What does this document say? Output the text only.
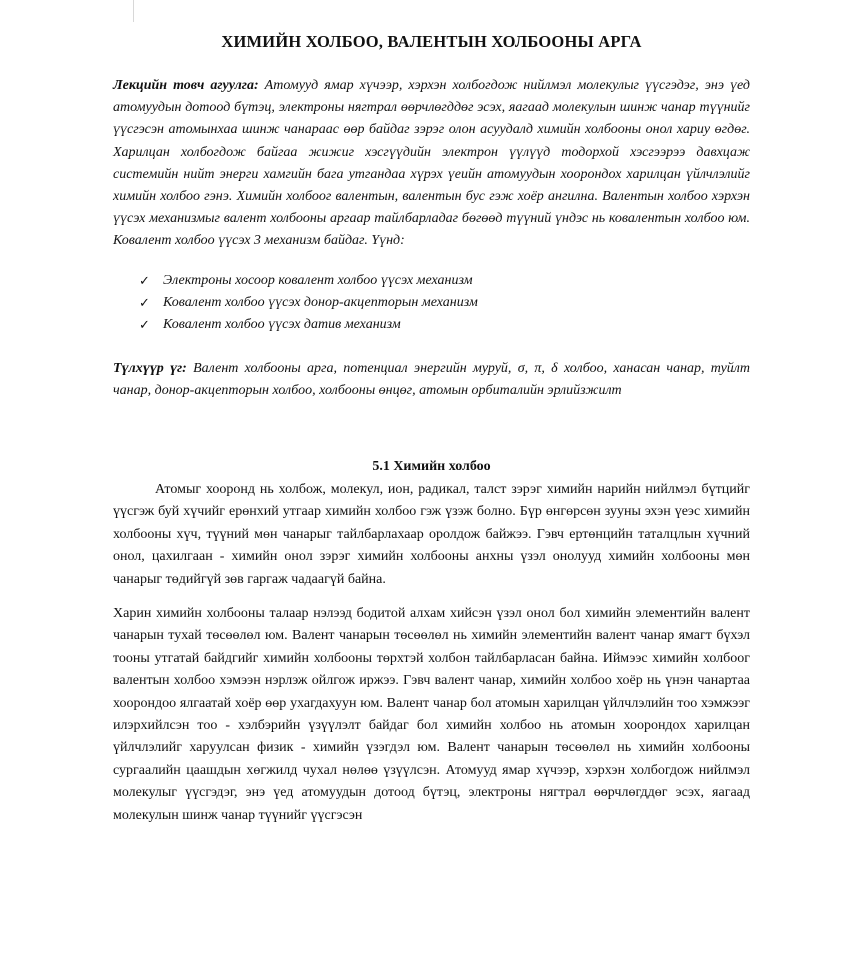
ХИМИЙН ХОЛБОО, ВАЛЕНТЫН ХОЛБООНЫ АРГА

Лекцийн товч агуулга: Атомууд ямар хүчээр, хэрхэн холбогдож нийлмэл молекулыг үүсгэдэг, энэ үед атомуудын дотоод бүтэц, электроны нягтрал өөрчлөгддөг эсэх, яагаад молекулын шинж чанар түүнийг үүсгэсэн атомынхаа шинж чанараас өөр байдаг зэрэг олон асуудалд химийн холбооны онол хариу өгдөг. Харилцан холбогдож байгаа жижиг хэсгүүдийн электрон үүлүүд тодорхой хэсгээрээ давхцаж системийн нийт энерги хамгийн бага утгандаа хүрэх үеийн атомуудын хоорондох харилцан үйлчлэлийг химийн холбоо гэнэ. Химийн холбоог валентын, валентын бус гэж хоёр ангилна. Валентын холбоо хэрхэн үүсэх механизмыг валент холбооны аргаар тайлбарладаг бөгөөд түүний үндэс нь ковалентын холбоо юм. Ковалент холбоо үүсэх 3 механизм байдаг. Үүнд:

✓ Электроны хосоор ковалент холбоо үүсэх механизм
✓ Ковалент холбоо үүсэх донор-акцепторын механизм
✓ Ковалент холбоо үүсэх датив механизм

Түлхүүр үг: Валент холбооны арга, потенциал энергийн муруй, σ, π, δ холбоо, ханасан чанар, туйлт чанар, донор-акцепторын холбоо, холбооны өнцөг, атомын орбиталийн эрлийзжилт

5.1 Химийн холбоо

Атомыг хооронд нь холбож, молекул, ион, радикал, талст зэрэг химийн нарийн нийлмэл бүтцийг үүсгэж буй хүчийг ерөнхий утгаар химийн холбоо гэж үзэж болно. Бүр өнгөрсөн зууны эхэн үеэс химийн холбооны хүч, түүний мөн чанарыг тайлбарлахаар оролдож байжээ. Гэвч ертөнцийн таталцлын хүчний онол, цахилгаан - химийн онол зэрэг химийн холбооны анхны үзэл онолууд химийн холбооны мөн чанарыг төдийгүй зөв гаргаж чадаагүй байна.

Харин химийн холбооны талаар нэлээд бодитой алхам хийсэн үзэл онол бол химийн элементийн валент чанарын тухай төсөөлөл юм. Валент чанарын төсөөлөл нь химийн элементийн валент чанар ямагт бүхэл тооны утгатай байдгийг химийн холбооны төрхтэй холбон тайлбарласан байна. Иймээс химийн холбоог валентын холбоо хэмээн нэрлэж ойлгож иржээ. Гэвч валент чанар, химийн холбоо хоёр нь үнэн чанартаа хоорондоо ялгаатай хоёр өөр ухагдахуун юм. Валент чанар бол атомын харилцан үйлчлэлийн тоо хэмжээг илэрхийлсэн тоо - хэлбэрийн үзүүлэлт байдаг бол химийн холбоо нь атомын хоорондох харилцан үйлчлэлийг харуулсан физик - химийн үзэгдэл юм. Валент чанарын төсөөлөл нь химийн холбооны сургаалийн цаашдын хөгжилд чухал нөлөө үзүүлсэн. Атомууд ямар хүчээр, хэрхэн холбогдож нийлмэл молекулыг үүсгэдэг, энэ үед атомуудын дотоод бүтэц, электроны нягтрал өөрчлөгддөг эсэх, яагаад молекулын шинж чанар түүнийг үүсгэсэн
